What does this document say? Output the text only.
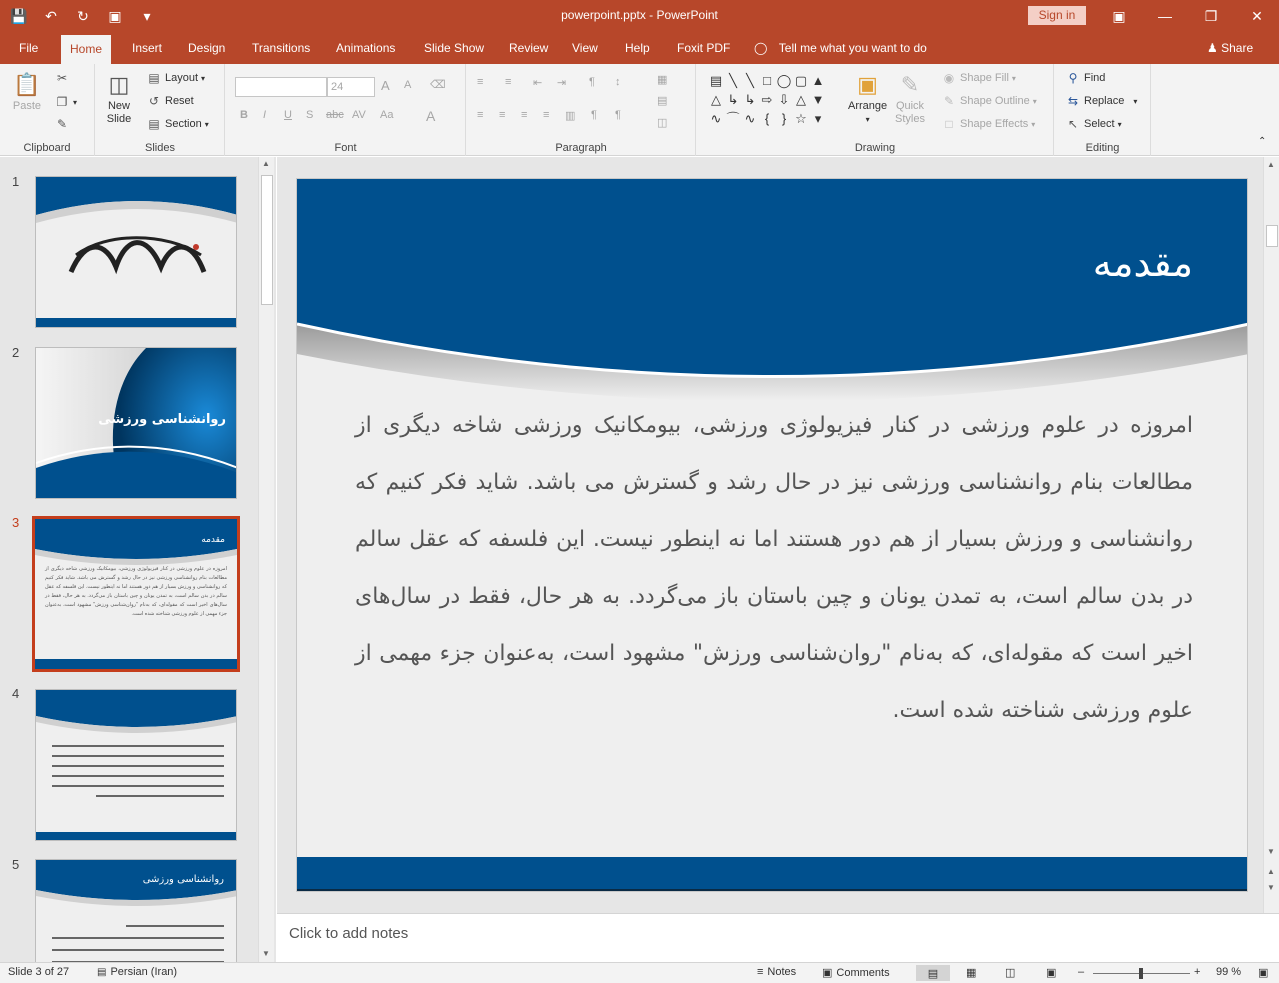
💾	↶	↻	▣	▾	powerpoint.pptx - PowerPoint	Sign in	▣	—	❐	✕
File	Home	Insert	Design	Transitions	Animations	Slide Show	Review	View	Help	Foxit PDF	◯ Tell me what you want to do	♟ Share
📋
Paste
✂
❐ ▾
✎
Clipboard
◫
New
Slide
▤ Layout ▾
↺ Reset
▤ Section ▾
Slides
24	A A ⌫
B I U S abc AV Aa A
Font
≡ ≡ ⇤ ⇥ ¶ ↕	▦
▤
◫
≡ ≡ ≡ ≡ ▥ ¶ ¶
Paragraph	Drawing
▤ ╲ ╲ □ ◯ ▢ ▲
△ ↳ ↳ ⇨ ⇩ △ ▼
∿ ⌒ ∿ { } ☆ ▾
▣
Arrange
▾
✎
Quick
Styles
◉ Shape Fill ▾
✎ Shape Outline ▾
□ Shape Effects ▾
⚲ Find
⇆ Replace ▾
↖ Select ▾
Editing
⌃
1
2
روانشناسی ورزشی
3
مقدمه
امروزه در علوم ورزشی در کنار فیزیولوژی ورزشی، بیومکانیک ورزشی شاخه دیگری از مطالعات بنام روانشناسی ورزشی نیز در حال رشد و گسترش می باشد. شاید فکر کنیم که روانشناسی و ورزش بسیار از هم دور هستند اما نه اینطور نیست. این فلسفه که عقل سالم در بدن سالم است، به تمدن یونان و چین باستان باز می‌گردد. به هر حال، فقط در سال‌های اخیر است که مقوله‌ای، که به‌نام "روان‌شناسی ورزش" مشهود است، به‌عنوان جزء مهمی از علوم ورزشی شناخته شده است.
4
5
روانشناسی ورزشی
▲
▼
مقدمه
امروزه در علوم ورزشی در کنار فیزیولوژی ورزشی، بیومکانیک ورزشی شاخه دیگری از مطالعات بنام روانشناسی ورزشی نیز در حال رشد و گسترش می باشد. شاید فکر کنیم که روانشناسی و ورزش بسیار از هم دور هستند اما نه اینطور نیست. این فلسفه که عقل سالم در بدن سالم است، به تمدن یونان و چین باستان باز می‌گردد. به هر حال، فقط در سال‌های اخیر است که مقوله‌ای، که به‌نام "روان‌شناسی ورزش" مشهود است، به‌عنوان جزء مهمی از علوم ورزشی شناخته شده است.
▲
▼
▲
▼
Click to add notes
Slide 3 of 27	▤ Persian (Iran)	≡ Notes ▣ Comments	▤	▦	◫	▣ –	+ 99 % ▣
